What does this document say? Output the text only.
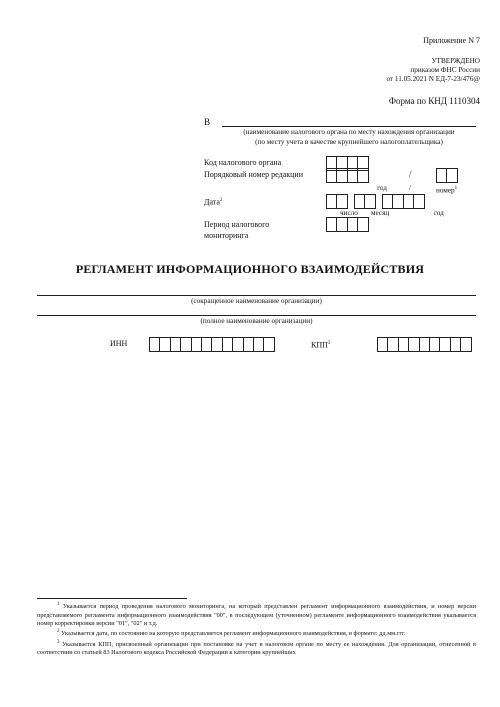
Приложение N 7
УТВЕРЖДЕНО
приказом ФНС России
от 11.05.2021 N ЕД-7-23/476@
Форма по КНД 1110304
В
(наименование налогового органа по месту нахождения организации
(по месту учета в качестве крупнейшего налогоплательщика)
Код налогового органа
Порядковый номер редакции	/
год	/	номер$^1$
Дата$^2$
число месяц	год
Период налогового
мониторинга
РЕГЛАМЕНТ ИНФОРМАЦИОННОГО ВЗАИМОДЕЙСТВИЯ
(сокращенное наименование организации)
(полное наименование организации)
ИНН	КПП$^3$

$^1$ Указывается период проведения налогового мониторинга, на который представлен регламент информационного взаимодействия, и номер версии представляемого регламента информационного взаимодействия "00", в последующем (уточненном) регламенте информационного взаимодействия указывается номер корректировки версии "01", "02" и т.д.

$^2$ Указывается дата, по состоянию на которую представляется регламент информационного взаимодействия, в формате: дд.мм.ггг.

$^3$ Указывается КПП, присвоенный организации при постановке на учет в налоговом органе по месту ее нахождения. Для организации, отнесенной в соответствии со статьей 83 Налогового кодекса Российской Федерации к категории крупнейших
